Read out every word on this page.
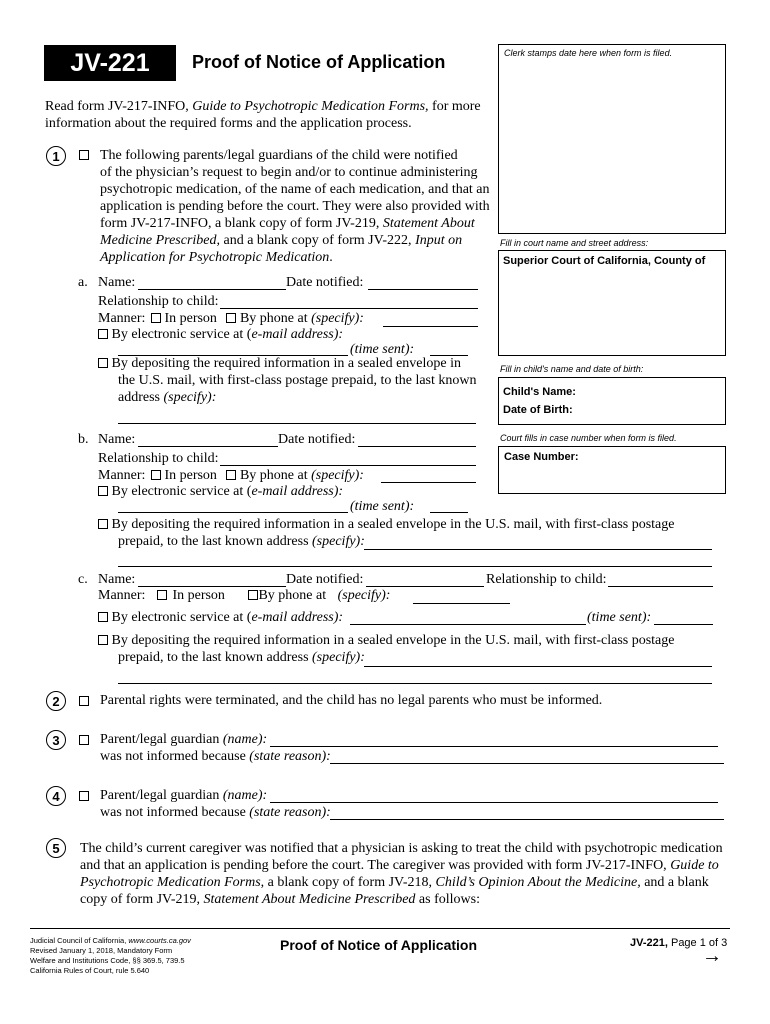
JV-221	Proof of Notice of Application	Clerk stamps date here when form is filed.
Fill in court name and street address:
Superior Court of California, County of
Fill in child's name and date of birth:
Child's Name:
Date of Birth:
Court fills in case number when form is filed.
Case Number:
Read form JV-217-INFO, Guide to Psychotropic Medication Forms, for more
information about the required forms and the application process.
1	The following parents/legal guardians of the child were notified
of the physician’s request to begin and/or to continue administering
psychotropic medication, of the name of each medication, and that an
application is pending before the court. They were also provided with
form JV-217-INFO, a blank copy of form JV-219, Statement About
Medicine Prescribed, and a blank copy of form JV-222, Input on
Application for Psychotropic Medication.
a. Name:	Date notified:
Relationship to child:
Manner: In person By phone at (specify):
By electronic service at (e-mail address):
(time sent):
By depositing the required information in a sealed envelope in
the U.S. mail, with first-class postage prepaid, to the last known
address (specify):
b. Name:	Date notified:
Relationship to child:
Manner: In person By phone at (specify):
By electronic service at (e-mail address):
(time sent):
By depositing the required information in a sealed envelope in the U.S. mail, with first-class postage
prepaid, to the last known address (specify):
c. Name:	Date notified:	Relationship to child:
Manner: In person By phone at (specify):
By electronic service at (e-mail address):	(time sent):
By depositing the required information in a sealed envelope in the U.S. mail, with first-class postage
prepaid, to the last known address (specify):
2	Parental rights were terminated, and the child has no legal parents who must be informed.
3	Parent/legal guardian (name):
was not informed because (state reason):
4	Parent/legal guardian (name):
was not informed because (state reason):
5	The child’s current caregiver was notified that a physician is asking to treat the child with psychotropic medication
and that an application is pending before the court. The caregiver was provided with form JV-217-INFO, Guide to
Psychotropic Medication Forms, a blank copy of form JV-218, Child’s Opinion About the Medicine, and a blank
copy of form JV-219, Statement About Medicine Prescribed as follows:
Judicial Council of California, www.courts.ca.gov
Revised January 1, 2018, Mandatory Form
Welfare and Institutions Code, §§ 369.5, 739.5
California Rules of Court, rule 5.640
Proof of Notice of Application	JV-221, Page 1 of 3
→
